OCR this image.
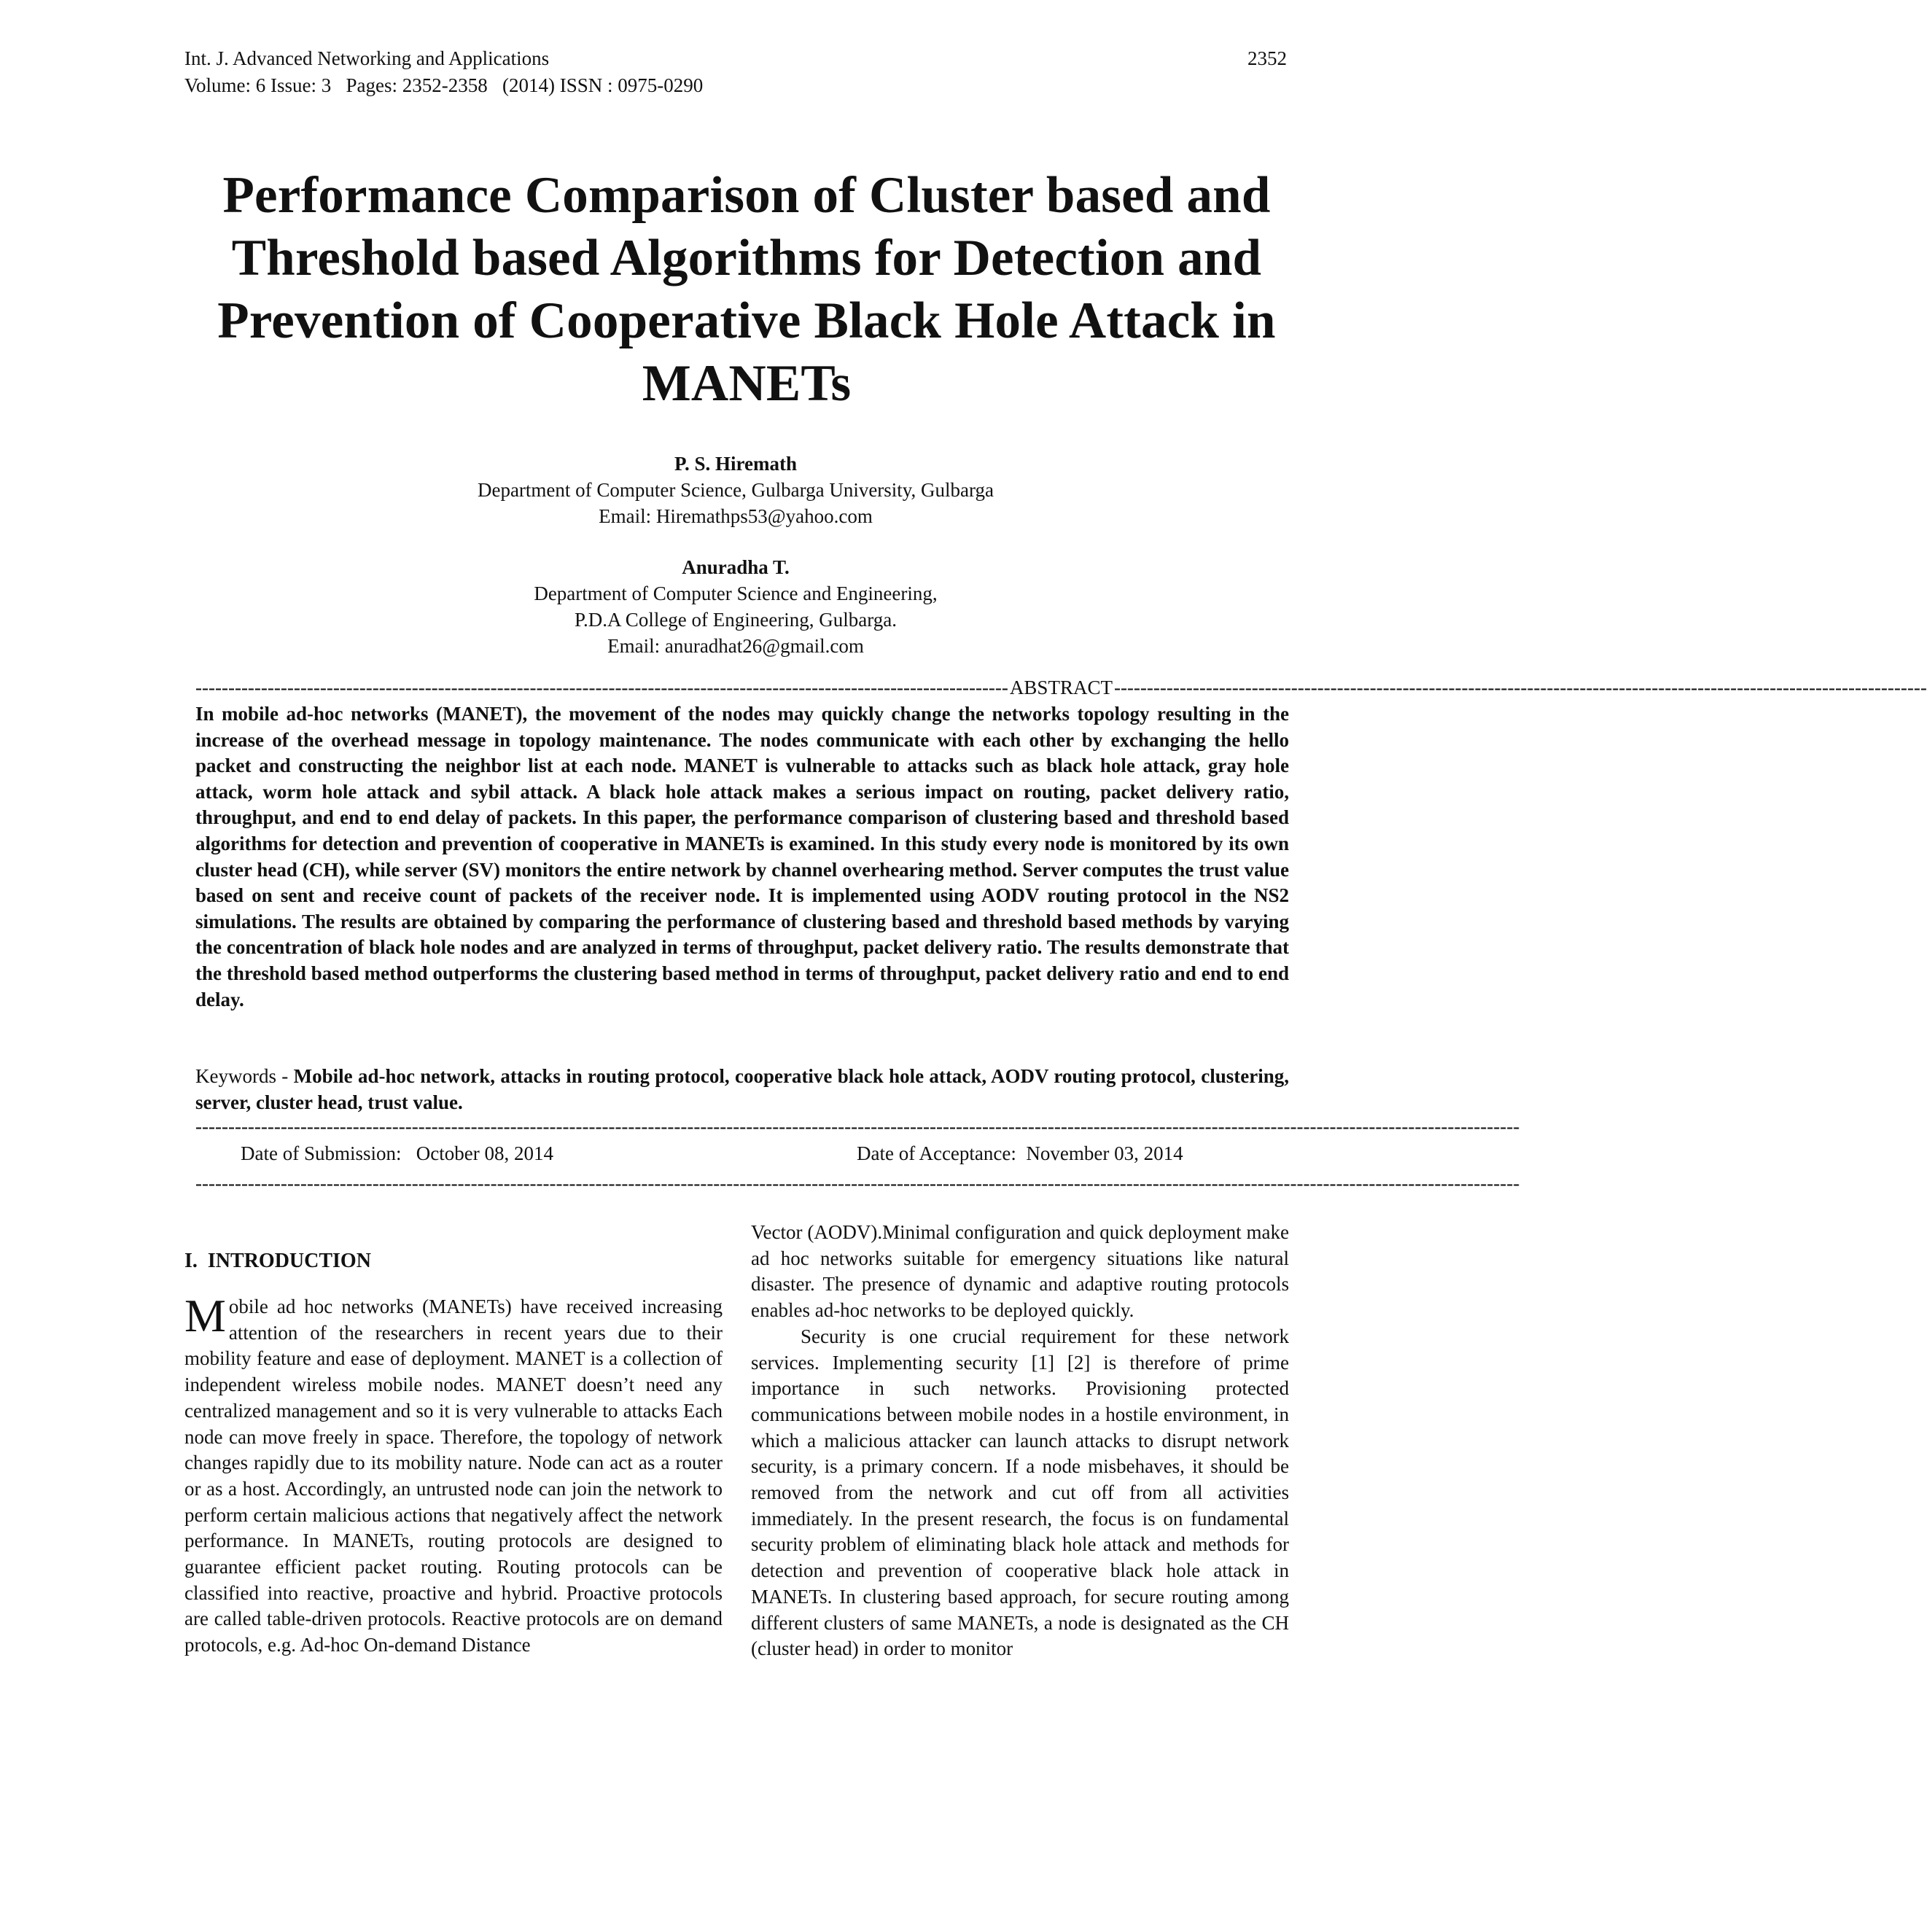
Int. J. Advanced Networking and Applications
Volume: 6 Issue: 3   Pages: 2352-2358   (2014) ISSN : 0975-0290
2352
Performance Comparison of Cluster based and Threshold based Algorithms for Detection and Prevention of Cooperative Black Hole Attack in MANETs
P. S. Hiremath
Department of Computer Science, Gulbarga University, Gulbarga
Email: Hiremathps53@yahoo.com
Anuradha T.
Department of Computer Science and Engineering,
P.D.A College of Engineering, Gulbarga.
Email: anuradhat26@gmail.com
---------------------------------------------------------------------------------------------------------------------------- ABSTRACT ----------------------------------------------------------------------------------------------------------------------------
In mobile ad-hoc networks (MANET), the movement of the nodes may quickly change the networks topology resulting in the increase of the overhead message in topology maintenance. The nodes communicate with each other by exchanging the hello packet and constructing the neighbor list at each node. MANET is vulnerable to attacks such as black hole attack, gray hole attack, worm hole attack and sybil attack. A black hole attack makes a serious impact on routing, packet delivery ratio, throughput, and end to end delay of packets. In this paper, the performance comparison of clustering based and threshold based algorithms for detection and prevention of cooperative in MANETs is examined. In this study every node is monitored by its own cluster head (CH), while server (SV) monitors the entire network by channel overhearing method. Server computes the trust value based on sent and receive count of packets of the receiver node. It is implemented using AODV routing protocol in the NS2 simulations. The results are obtained by comparing the performance of clustering based and threshold based methods by varying the concentration of black hole nodes and are analyzed in terms of throughput, packet delivery ratio. The results demonstrate that the threshold based method outperforms the clustering based method in terms of throughput, packet delivery ratio and end to end delay.
Keywords - Mobile ad-hoc network, attacks in routing protocol, cooperative black hole attack, AODV routing protocol, clustering, server, cluster head, trust value.
----------------------------------------------------------------------------------------------------------------------------------------------------------------------------------------------------------
Date of Submission:   October 08, 2014	Date of Acceptance:  November 03, 2014
----------------------------------------------------------------------------------------------------------------------------------------------------------------------------------------------------------
I.  INTRODUCTION

Mobile ad hoc networks (MANETs) have received increasing attention of the researchers in recent years due to their mobility feature and ease of deployment. MANET is a collection of independent wireless mobile nodes. MANET doesn’t need any centralized management and so it is very vulnerable to attacks Each node can move freely in space. Therefore, the topology of network changes rapidly due to its mobility nature. Node can act as a router or as a host. Accordingly, an untrusted node can join the network to perform certain malicious actions that negatively affect the network performance. In MANETs, routing protocols are designed to guarantee efficient packet routing. Routing protocols can be classified into reactive, proactive and hybrid. Proactive protocols are called table-driven protocols. Reactive protocols are on demand protocols, e.g. Ad-hoc On-demand Distance

Vector (AODV).Minimal configuration and quick deployment make ad hoc networks suitable for emergency situations like natural disaster. The presence of dynamic and adaptive routing protocols enables ad-hoc networks to be deployed quickly.

Security is one crucial requirement for these network services. Implementing security [1] [2] is therefore of prime importance in such networks. Provisioning protected communications between mobile nodes in a hostile environment, in which a malicious attacker can launch attacks to disrupt network security, is a primary concern. If a node misbehaves, it should be removed from the network and cut off from all activities immediately. In the present research, the focus is on fundamental security problem of eliminating black hole attack and methods for detection and prevention of cooperative black hole attack in MANETs. In clustering based approach, for secure routing among different clusters of same MANETs, a node is designated as the CH (cluster head) in order to monitor
